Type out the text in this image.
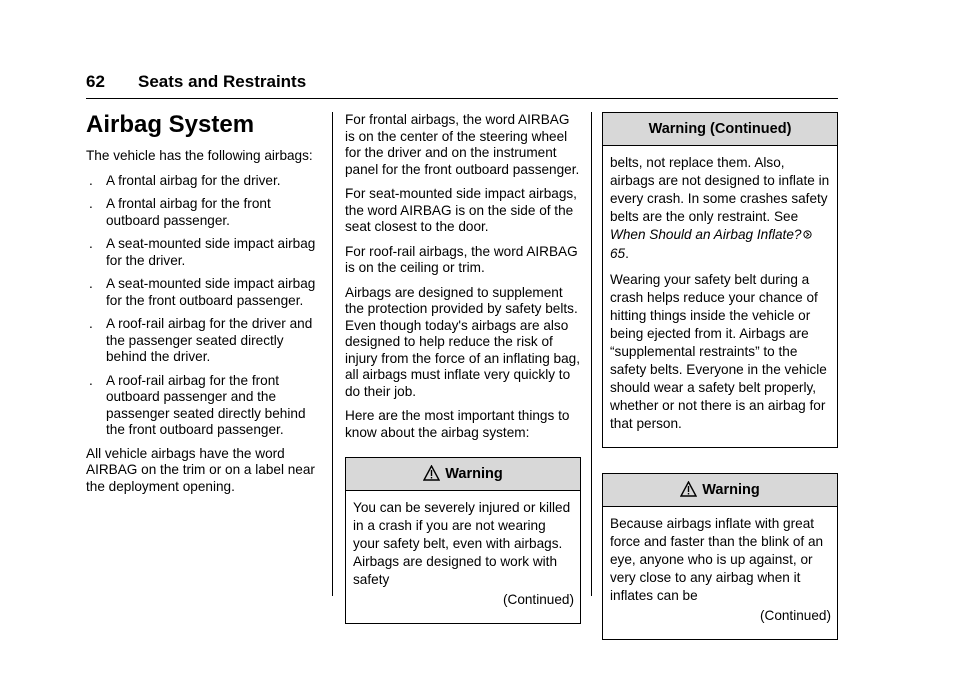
62 Seats and Restraints
Airbag System

The vehicle has the following airbags:

. A frontal airbag for the driver.
. A frontal airbag for the front outboard passenger.
. A seat-mounted side impact airbag for the driver.
. A seat-mounted side impact airbag for the front outboard passenger.
. A roof-rail airbag for the driver and the passenger seated directly behind the driver.
. A roof-rail airbag for the front outboard passenger and the passenger seated directly behind the front outboard passenger.

All vehicle airbags have the word AIRBAG on the trim or on a label near the deployment opening.

For frontal airbags, the word AIRBAG is on the center of the steering wheel for the driver and on the instrument panel for the front outboard passenger.

For seat-mounted side impact airbags, the word AIRBAG is on the side of the seat closest to the door.

For roof-rail airbags, the word AIRBAG is on the ceiling or trim.

Airbags are designed to supplement the protection provided by safety belts. Even though today's airbags are also designed to help reduce the risk of injury from the force of an inflating bag, all airbags must inflate very quickly to do their job.

Here are the most important things to know about the airbag system:

Warning

You can be severely injured or killed in a crash if you are not wearing your safety belt, even with airbags. Airbags are designed to work with safety

(Continued)

Warning (Continued)

belts, not replace them. Also, airbags are not designed to inflate in every crash. In some crashes safety belts are the only restraint. See When Should an Airbag Inflate?65.

Wearing your safety belt during a crash helps reduce your chance of hitting things inside the vehicle or being ejected from it. Airbags are “supplemental restraints” to the safety belts. Everyone in the vehicle should wear a safety belt properly, whether or not there is an airbag for that person.

Warning

Because airbags inflate with great force and faster than the blink of an eye, anyone who is up against, or very close to any airbag when it inflates can be

(Continued)
